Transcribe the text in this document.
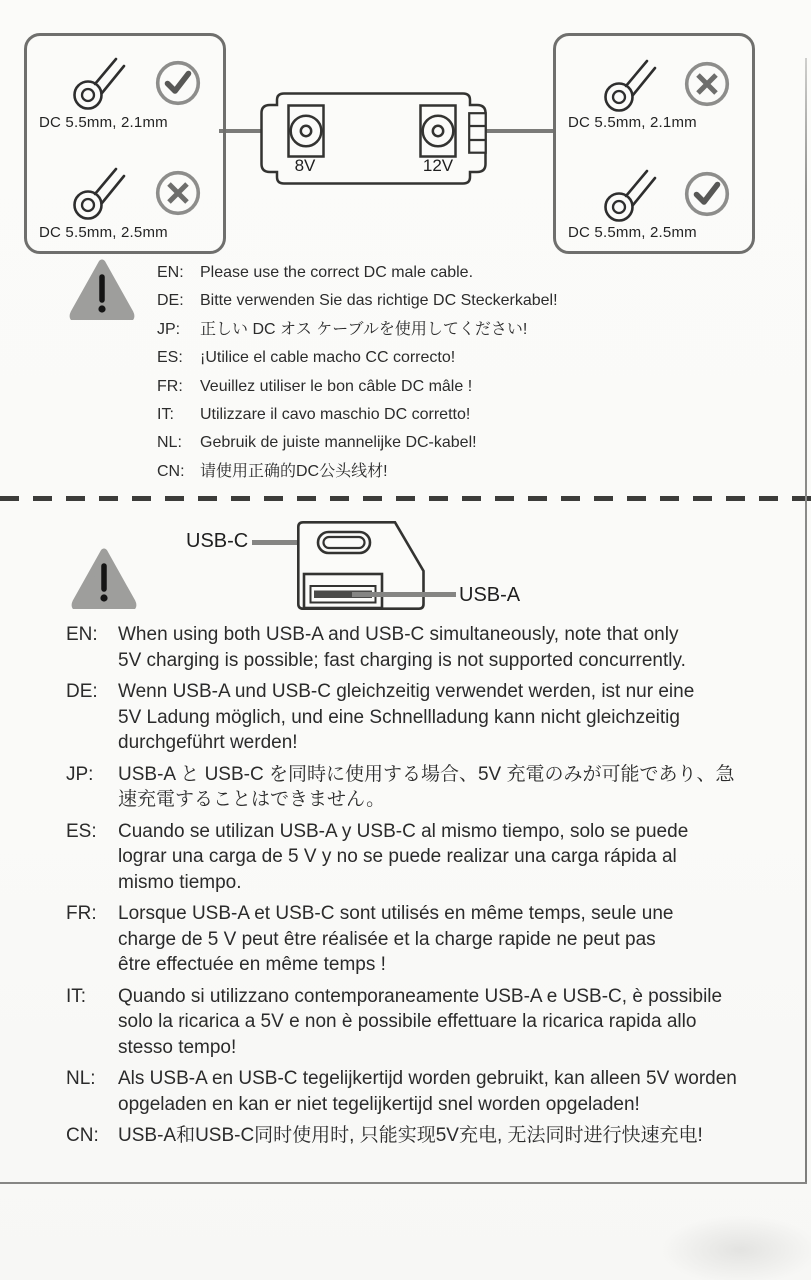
DC 5.5mm, 2.1mm
DC 5.5mm, 2.5mm
8V	12V
DC 5.5mm, 2.1mm
DC 5.5mm, 2.5mm
EN:	Please use the correct DC male cable.
DE:	Bitte verwenden Sie das richtige DC Steckerkabel!
JP:	正しい DC オス ケーブルを使用してください!
ES:	¡Utilice el cable macho CC correcto!
FR:	Veuillez utiliser le bon câble DC mâle !
IT:	Utilizzare il cavo maschio DC corretto!
NL:	Gebruik de juiste mannelijke DC-kabel!
CN: 请使用正确的DC公头线材!
USB-C
USB-A
EN:	When using both USB-A and USB-C simultaneously, note that only
5V charging is possible; fast charging is not supported concurrently.
DE:	Wenn USB-A und USB-C gleichzeitig verwendet werden, ist nur eine
5V Ladung möglich, und eine Schnellladung kann nicht gleichzeitig
durchgeführt werden!
JP:	USB-A と USB-C を同時に使用する場合、5V 充電のみが可能であり、急
速充電することはできません。
ES:	Cuando se utilizan USB-A y USB-C al mismo tiempo, solo se puede
lograr una carga de 5 V y no se puede realizar una carga rápida al
mismo tiempo.
FR:	Lorsque USB-A et USB-C sont utilisés en même temps, seule une
charge de 5 V peut être réalisée et la charge rapide ne peut pas
être effectuée en même temps !
IT:	Quando si utilizzano contemporaneamente USB-A e USB-C, è possibile
solo la ricarica a 5V e non è possibile effettuare la ricarica rapida allo
stesso tempo!
NL:	Als USB-A en USB-C tegelijkertijd worden gebruikt, kan alleen 5V worden
opgeladen en kan er niet tegelijkertijd snel worden opgeladen!
CN:	USB-A和USB-C同时使用时, 只能实现5V充电, 无法同时进行快速充电!
